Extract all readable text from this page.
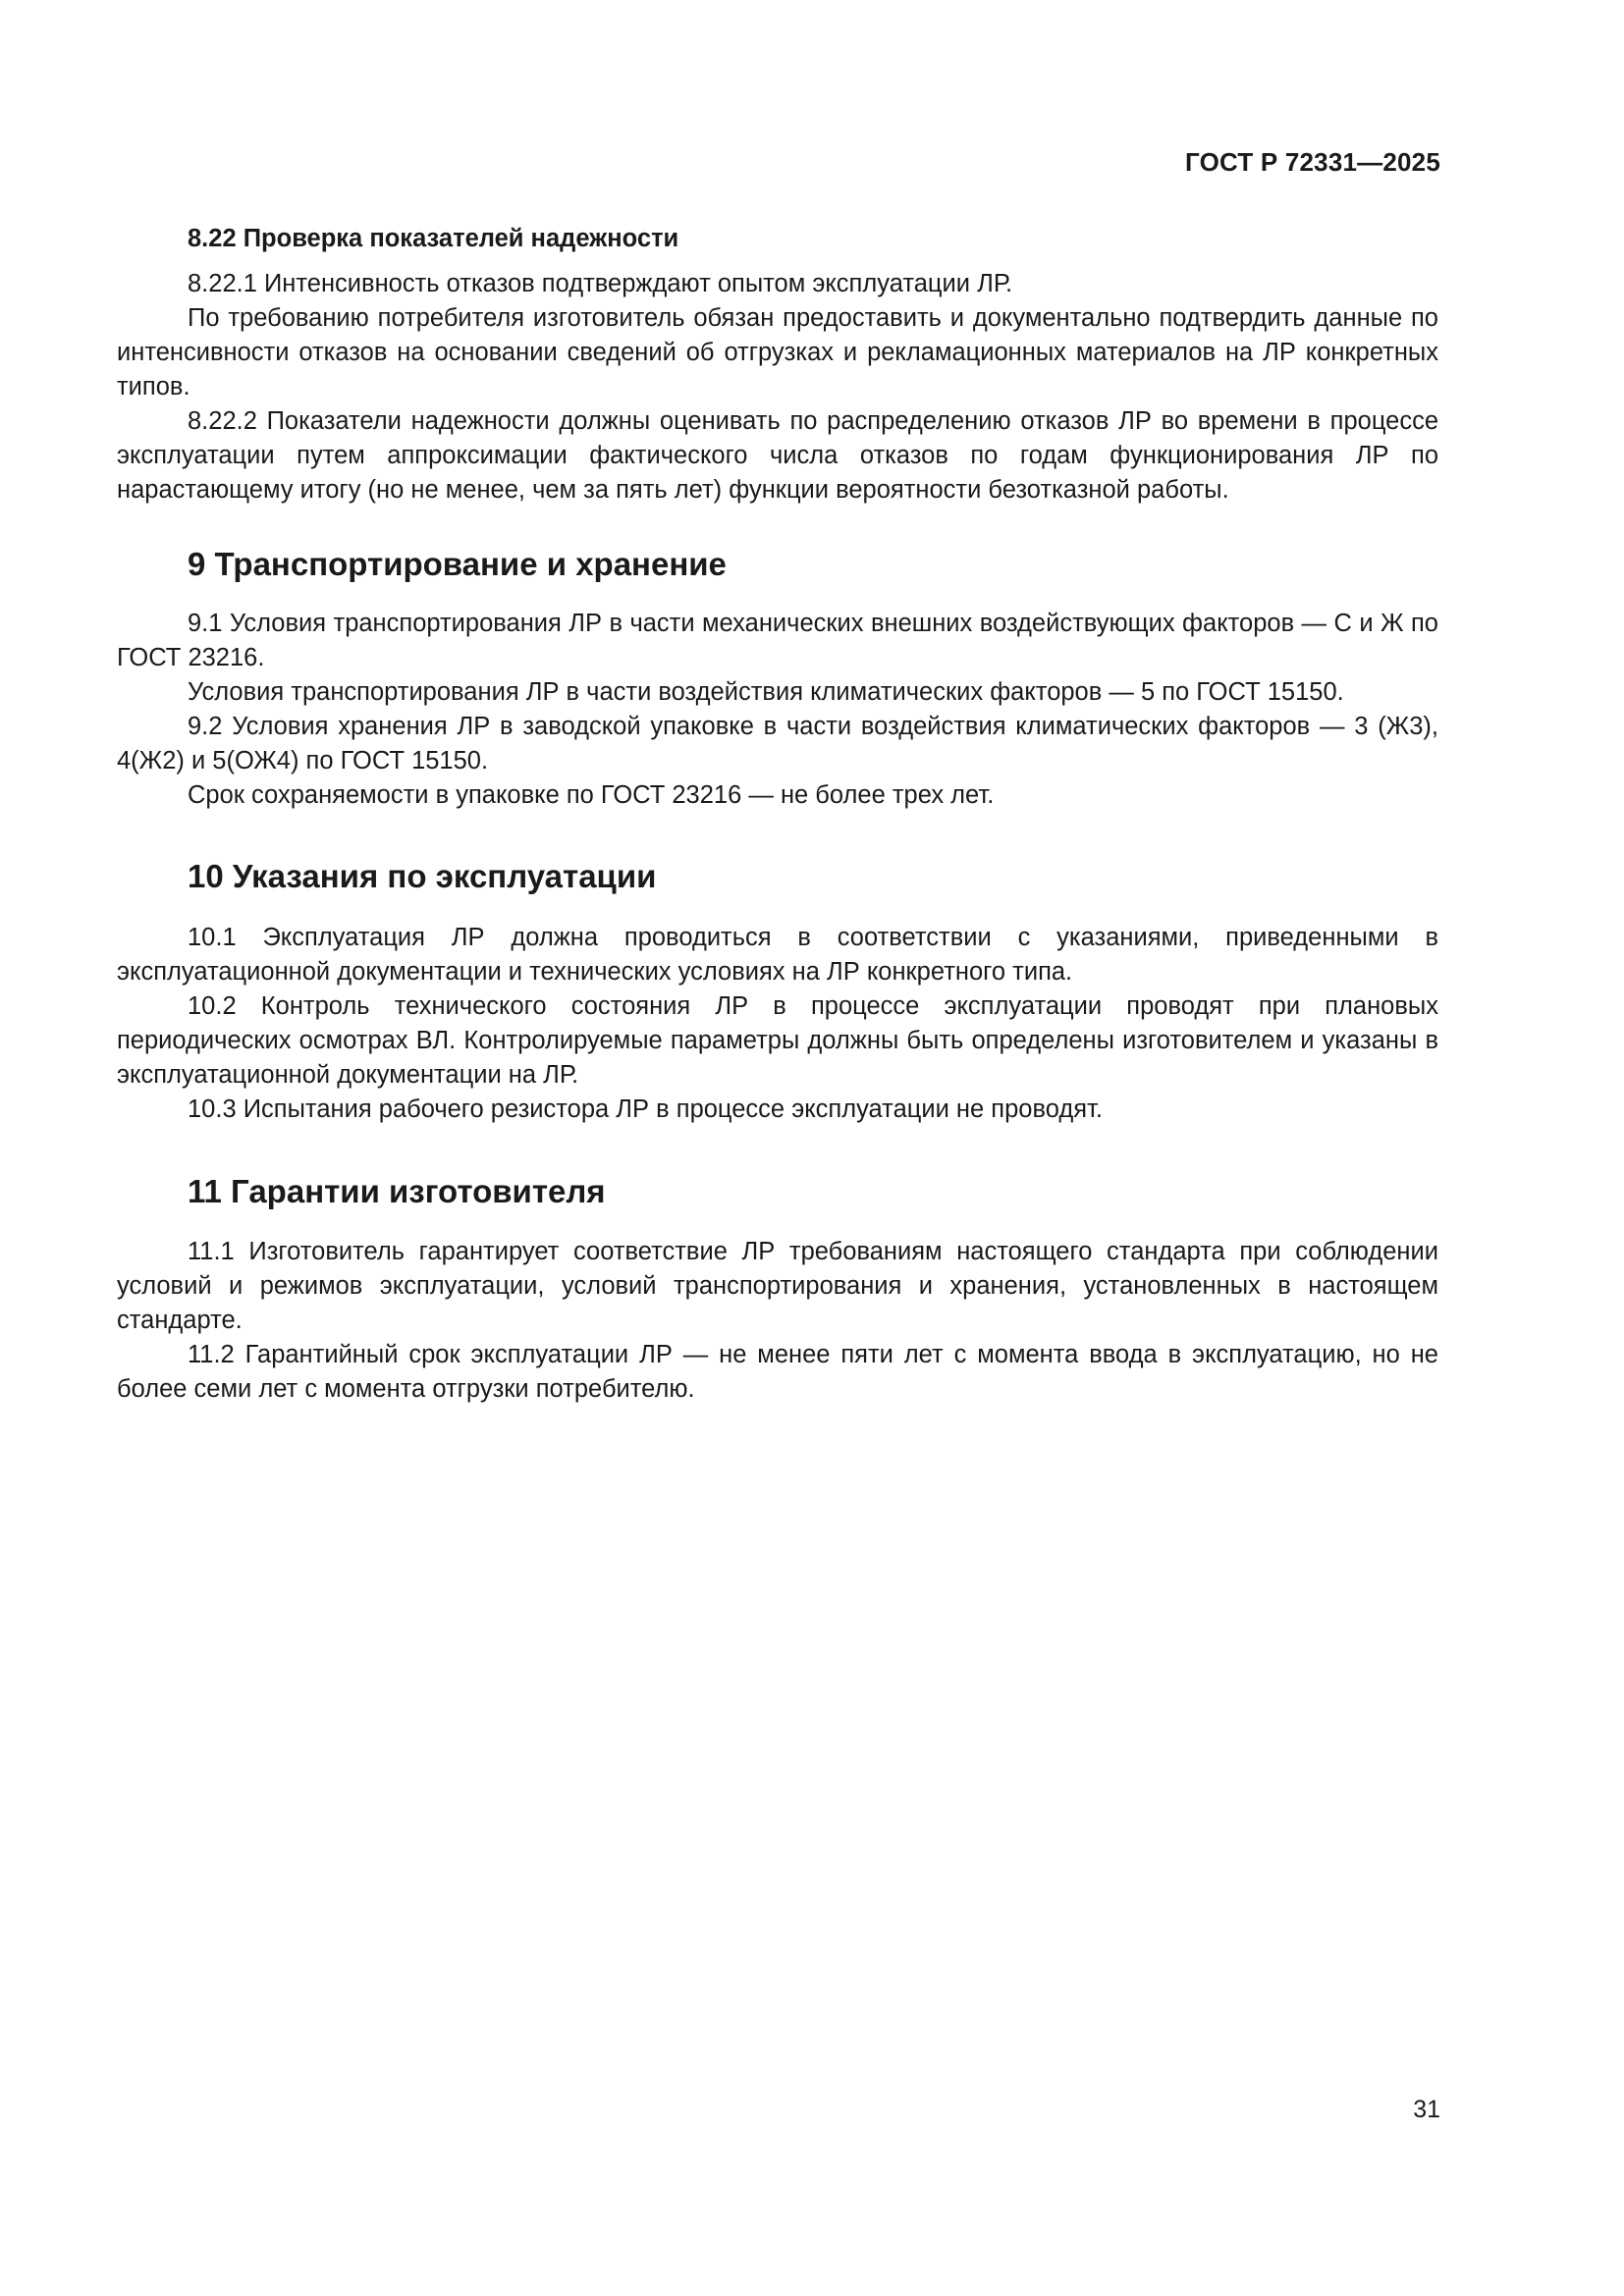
ГОСТ Р 72331—2025
8.22 Проверка показателей надежности

8.22.1 Интенсивность отказов подтверждают опытом эксплуатации ЛР.

По требованию потребителя изготовитель обязан предоставить и документально подтвердить данные по интенсивности отказов на основании сведений об отгрузках и рекламационных материалов на ЛР конкретных типов.

8.22.2 Показатели надежности должны оценивать по распределению отказов ЛР во времени в процессе эксплуатации путем аппроксимации фактического числа отказов по годам функционирования ЛР по нарастающему итогу (но не менее, чем за пять лет) функции вероятности безотказной работы.

9 Транспортирование и хранение

9.1 Условия транспортирования ЛР в части механических внешних воздействующих факторов — С и Ж по ГОСТ 23216.

Условия транспортирования ЛР в части воздействия климатических факторов — 5 по ГОСТ 15150.

9.2 Условия хранения ЛР в заводской упаковке в части воздействия климатических факторов — 3 (Ж3), 4(Ж2) и 5(ОЖ4) по ГОСТ 15150.

Срок сохраняемости в упаковке по ГОСТ 23216 — не более трех лет.

10 Указания по эксплуатации

10.1 Эксплуатация ЛР должна проводиться в соответствии с указаниями, приведенными в эксплуатационной документации и технических условиях на ЛР конкретного типа.

10.2 Контроль технического состояния ЛР в процессе эксплуатации проводят при плановых периодических осмотрах ВЛ. Контролируемые параметры должны быть определены изготовителем и указаны в эксплуатационной документации на ЛР.

10.3 Испытания рабочего резистора ЛР в процессе эксплуатации не проводят.

11 Гарантии изготовителя

11.1 Изготовитель гарантирует соответствие ЛР требованиям настоящего стандарта при соблюдении условий и режимов эксплуатации, условий транспортирования и хранения, установленных в настоящем стандарте.

11.2 Гарантийный срок эксплуатации ЛР — не менее пяти лет с момента ввода в эксплуатацию, но не более семи лет с момента отгрузки потребителю.

31
